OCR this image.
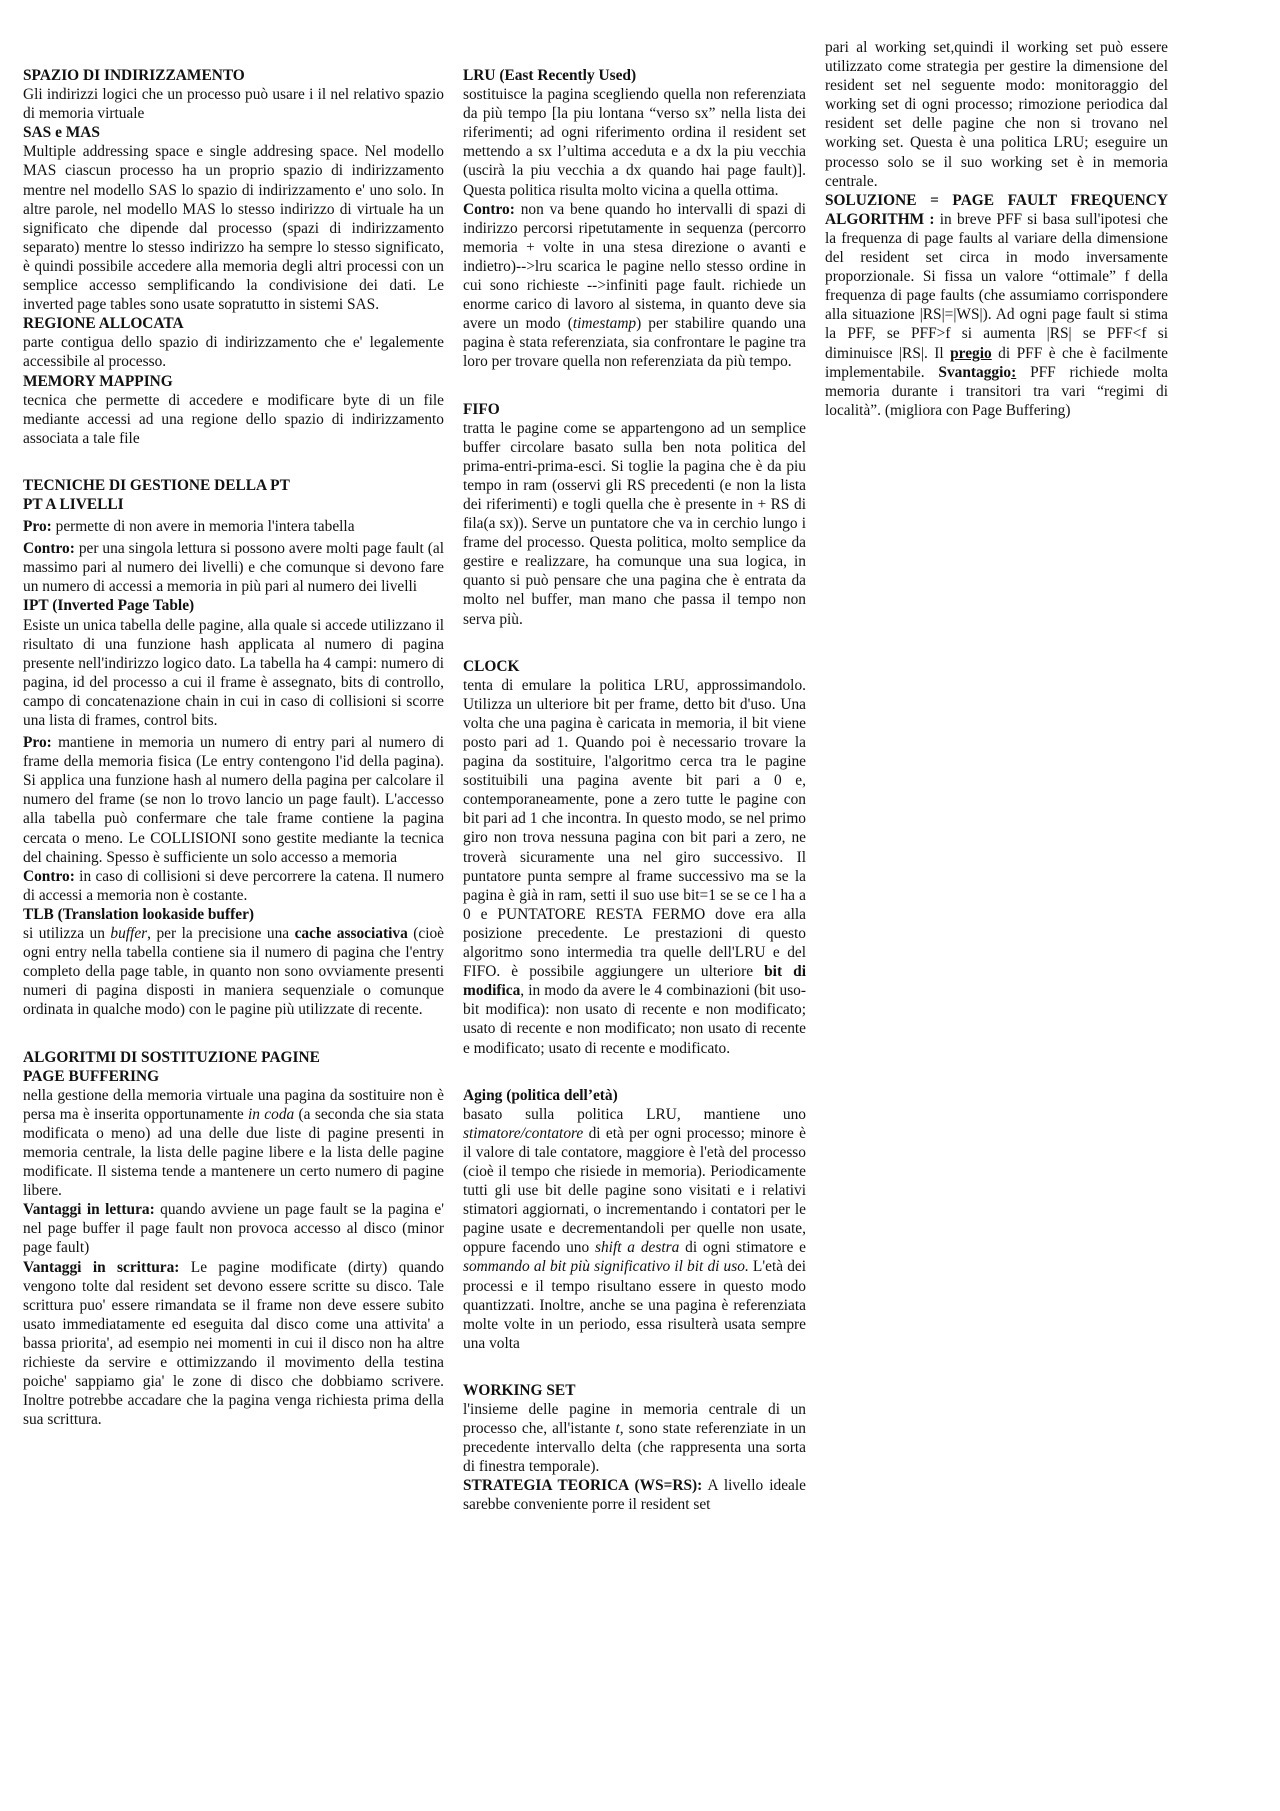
SPAZIO DI INDIRIZZAMENTO

Gli indirizzi logici che un processo può usare i il nel relativo spazio di memoria virtuale

SAS e MAS

Multiple addressing space e single addresing space. Nel modello MAS ciascun processo ha un proprio spazio di indirizzamento mentre nel modello SAS lo spazio di indirizzamento e' uno solo. In altre parole, nel modello MAS lo stesso indirizzo di virtuale ha un significato che dipende dal processo (spazi di indirizzamento separato) mentre lo stesso indirizzo ha sempre lo stesso significato, è quindi possibile accedere alla memoria degli altri processi con un semplice accesso semplificando la condivisione dei dati. Le inverted page tables sono usate sopratutto in sistemi SAS.

REGIONE ALLOCATA

parte contigua dello spazio di indirizzamento che e' legalemente accessibile al processo.

MEMORY MAPPING

tecnica che permette di accedere e modificare byte di un file mediante accessi ad una regione dello spazio di indirizzamento associata a tale file

TECNICHE DI GESTIONE DELLA PT

PT A LIVELLI

Pro: permette di non avere in memoria l'intera tabella

Contro: per una singola lettura si possono avere molti page fault (al massimo pari al numero dei livelli) e che comunque si devono fare un numero di accessi a memoria in più pari al numero dei livelli

IPT (Inverted Page Table)

Esiste un unica tabella delle pagine, alla quale si accede utilizzano il risultato di una funzione hash applicata al numero di pagina presente nell'indirizzo logico dato. La tabella ha 4 campi: numero di pagina, id del processo a cui il frame è assegnato, bits di controllo, campo di concatenazione chain in cui in caso di collisioni si scorre una lista di frames, control bits.

Pro: mantiene in memoria un numero di entry pari al numero di frame della memoria fisica (Le entry contengono l'id della pagina). Si applica una funzione hash al numero della pagina per calcolare il numero del frame (se non lo trovo lancio un page fault). L'accesso alla tabella può confermare che tale frame contiene la pagina cercata o meno. Le COLLISIONI sono gestite mediante la tecnica del chaining. Spesso è sufficiente un solo accesso a memoria

Contro: in caso di collisioni si deve percorrere la catena. Il numero di accessi a memoria non è costante.

TLB (Translation lookaside buffer)

si utilizza un buffer, per la precisione una cache associativa (cioè ogni entry nella tabella contiene sia il numero di pagina che l'entry completo della page table, in quanto non sono ovviamente presenti numeri di pagina disposti in maniera sequenziale o comunque ordinata in qualche modo) con le pagine più utilizzate di recente.

ALGORITMI DI SOSTITUZIONE PAGINE

PAGE BUFFERING

nella gestione della memoria virtuale una pagina da sostituire non è persa ma è inserita opportunamente in coda (a seconda che sia stata modificata o meno) ad una delle due liste di pagine presenti in memoria centrale, la lista delle pagine libere e la lista delle pagine modificate. Il sistema tende a mantenere un certo numero di pagine libere.

Vantaggi in lettura: quando avviene un page fault se la pagina e' nel page buffer il page fault non provoca accesso al disco (minor page fault)

Vantaggi in scrittura: Le pagine modificate (dirty) quando vengono tolte dal resident set devono essere scritte su disco. Tale scrittura puo' essere rimandata se il frame non deve essere subito usato immediatamente ed eseguita dal disco come una attivita' a bassa priorita', ad esempio nei momenti in cui il disco non ha altre richieste da servire e ottimizzando il movimento della testina poiche' sappiamo gia' le zone di disco che dobbiamo scrivere. Inoltre potrebbe accadare che la pagina venga richiesta prima della sua scrittura.

LRU (East Recently Used)

sostituisce la pagina scegliendo quella non referenziata da più tempo [la piu lontana “verso sx” nella lista dei riferimenti; ad ogni riferimento ordina il resident set mettendo a sx l’ultima acceduta e a dx la piu vecchia (uscirà la piu vecchia a dx quando hai page fault)]. Questa politica risulta molto vicina a quella ottima.

Contro: non va bene quando ho intervalli di spazi di indirizzo percorsi ripetutamente in sequenza (percorro memoria + volte in una stesa direzione o avanti e indietro)-->lru scarica le pagine nello stesso ordine in cui sono richieste -->infiniti page fault. richiede un enorme carico di lavoro al sistema, in quanto deve sia avere un modo (timestamp) per stabilire quando una pagina è stata referenziata, sia confrontare le pagine tra loro per trovare quella non referenziata da più tempo.

FIFO

tratta le pagine come se appartengono ad un semplice buffer circolare basato sulla ben nota politica del prima-entri-prima-esci. Si toglie la pagina che è da piu tempo in ram (osservi gli RS precedenti (e non la lista dei riferimenti) e togli quella che è presente in + RS di fila(a sx)). Serve un puntatore che va in cerchio lungo i frame del processo. Questa politica, molto semplice da gestire e realizzare, ha comunque una sua logica, in quanto si può pensare che una pagina che è entrata da molto nel buffer, man mano che passa il tempo non serva più.

CLOCK

tenta di emulare la politica LRU, approssimandolo. Utilizza un ulteriore bit per frame, detto bit d'uso. Una volta che una pagina è caricata in memoria, il bit viene posto pari ad 1. Quando poi è necessario trovare la pagina da sostituire, l'algoritmo cerca tra le pagine sostituibili una pagina avente bit pari a 0 e, contemporaneamente, pone a zero tutte le pagine con bit pari ad 1 che incontra. In questo modo, se nel primo giro non trova nessuna pagina con bit pari a zero, ne troverà sicuramente una nel giro successivo. Il puntatore punta sempre al frame successivo ma se la pagina è già in ram, setti il suo use bit=1 se se ce l ha a 0 e PUNTATORE RESTA FERMO dove era alla posizione precedente. Le prestazioni di questo algoritmo sono intermedia tra quelle dell'LRU e del FIFO. è possibile aggiungere un ulteriore bit di modifica, in modo da avere le 4 combinazioni (bit uso-bit modifica): non usato di recente e non modificato; usato di recente e non modificato; non usato di recente e modificato; usato di recente e modificato.

Aging (politica dell’età)

basato sulla politica LRU, mantiene uno stimatore/contatore di età per ogni processo; minore è il valore di tale contatore, maggiore è l'età del processo (cioè il tempo che risiede in memoria). Periodicamente tutti gli use bit delle pagine sono visitati e i relativi stimatori aggiornati, o incrementando i contatori per le pagine usate e decrementandoli per quelle non usate, oppure facendo uno shift a destra di ogni stimatore e sommando al bit più significativo il bit di uso. L'età dei processi e il tempo risultano essere in questo modo quantizzati. Inoltre, anche se una pagina è referenziata molte volte in un periodo, essa risulterà usata sempre una volta

WORKING SET

l'insieme delle pagine in memoria centrale di un processo che, all'istante t, sono state referenziate in un precedente intervallo delta (che rappresenta una sorta di finestra temporale).

STRATEGIA TEORICA (WS=RS): A livello ideale sarebbe conveniente porre il resident set

pari al working set,quindi il working set può essere utilizzato come strategia per gestire la dimensione del resident set nel seguente modo: monitoraggio del working set di ogni processo; rimozione periodica dal resident set delle pagine che non si trovano nel working set. Questa è una politica LRU; eseguire un processo solo se il suo working set è in memoria centrale.

SOLUZIONE = PAGE FAULT FREQUENCY ALGORITHM : in breve PFF si basa sull'ipotesi che la frequenza di page faults al variare della dimensione del resident set circa in modo inversamente proporzionale. Si fissa un valore “ottimale” f della frequenza di page faults (che assumiamo corrispondere alla situazione |RS|=|WS|). Ad ogni page fault si stima la PFF, se PFF>f si aumenta |RS| se PFF<f si diminuisce |RS|. Il pregio di PFF è che è facilmente implementabile. Svantaggio: PFF richiede molta memoria durante i transitori tra vari “regimi di località”. (migliora con Page Buffering)
